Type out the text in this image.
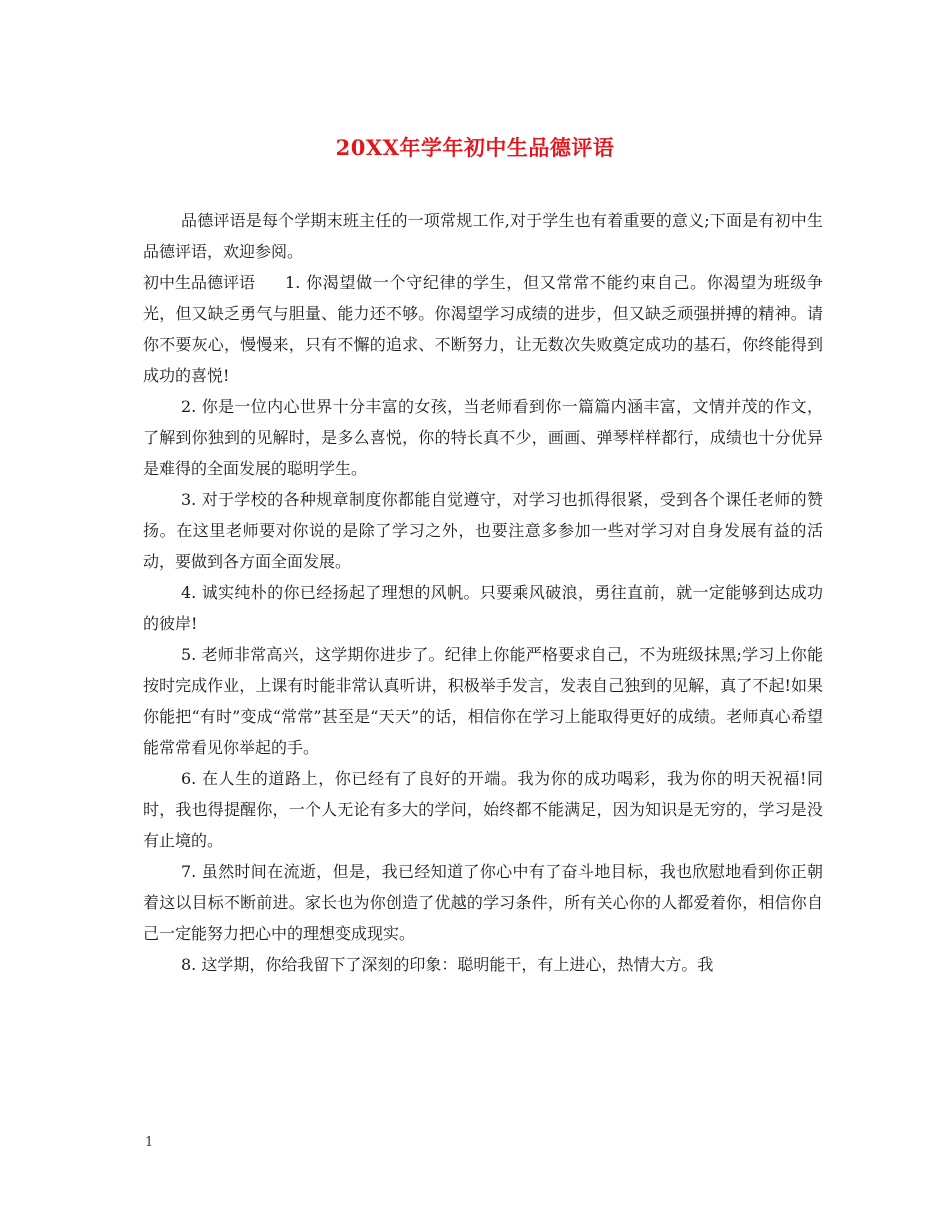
20XX年学年初中生品德评语

品德评语是每个学期末班主任的一项常规工作,对于学生也有着重要的意义;下面是有初中生品德评语，欢迎参阅。

初中生品德评语 1. 你渴望做一个守纪律的学生，但又常常不能约束自己。你渴望为班级争光，但又缺乏勇气与胆量、能力还不够。你渴望学习成绩的进步，但又缺乏顽强拼搏的精神。请你不要灰心，慢慢来，只有不懈的追求、不断努力，让无数次失败奠定成功的基石，你终能得到成功的喜悦!

2. 你是一位内心世界十分丰富的女孩，当老师看到你一篇篇内涵丰富，文情并茂的作文，了解到你独到的见解时，是多么喜悦，你的特长真不少，画画、弹琴样样都行，成绩也十分优异是难得的全面发展的聪明学生。

3. 对于学校的各种规章制度你都能自觉遵守，对学习也抓得很紧，受到各个课任老师的赞扬。在这里老师要对你说的是除了学习之外，也要注意多参加一些对学习对自身发展有益的活动，要做到各方面全面发展。

4. 诚实纯朴的你已经扬起了理想的风帆。只要乘风破浪，勇往直前，就一定能够到达成功的彼岸!

5. 老师非常高兴，这学期你进步了。纪律上你能严格要求自己，不为班级抹黑;学习上你能按时完成作业，上课有时能非常认真听讲，积极举手发言，发表自己独到的见解，真了不起!如果你能把“有时”变成“常常”甚至是“天天”的话，相信你在学习上能取得更好的成绩。老师真心希望能常常看见你举起的手。

6. 在人生的道路上，你已经有了良好的开端。我为你的成功喝彩，我为你的明天祝福!同时，我也得提醒你，一个人无论有多大的学问，始终都不能满足，因为知识是无穷的，学习是没有止境的。

7. 虽然时间在流逝，但是，我已经知道了你心中有了奋斗地目标，我也欣慰地看到你正朝着这以目标不断前进。家长也为你创造了优越的学习条件，所有关心你的人都爱着你，相信你自己一定能努力把心中的理想变成现实。

8. 这学期，你给我留下了深刻的印象：聪明能干，有上进心，热情大方。我

1
